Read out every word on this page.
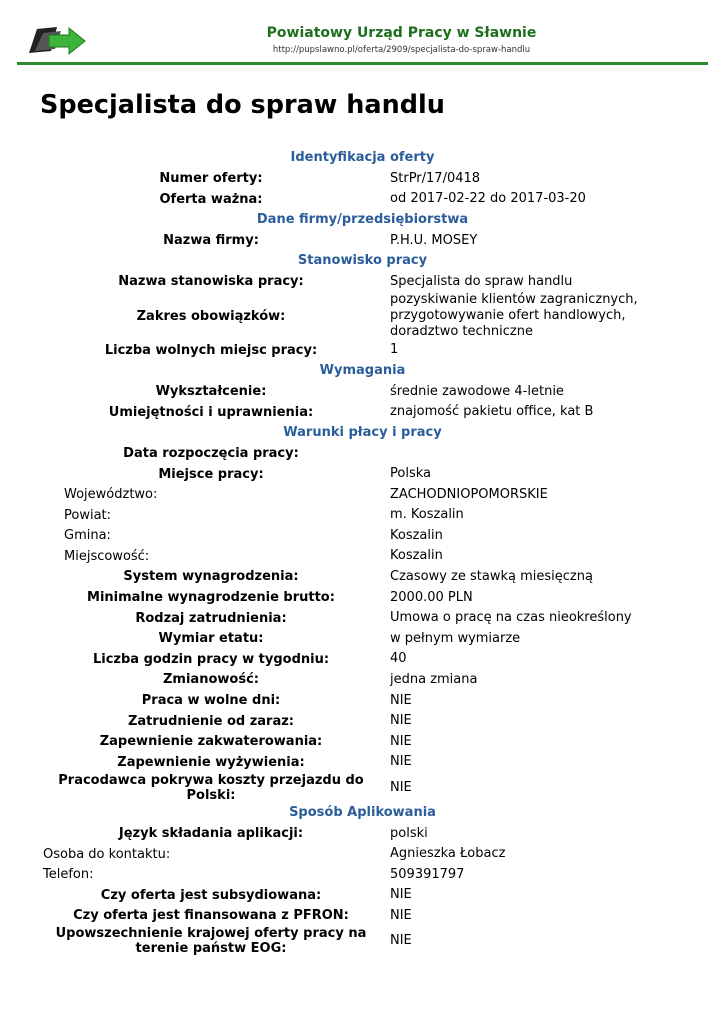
Powiatowy Urząd Pracy w Sławnie
http://pupslawno.pl/oferta/2909/specjalista-do-spraw-handlu
Specjalista do spraw handlu
Identyfikacja oferty
Numer oferty:	StrPr/17/0418
Oferta ważna:	od 2017-02-22 do 2017-03-20
Dane firmy/przedsiębiorstwa
Nazwa firmy:	P.H.U. MOSEY
Stanowisko pracy
Nazwa stanowiska pracy:	Specjalista do spraw handlu
Zakres obowiązków:
pozyskiwanie klientów zagranicznych, przygotowywanie ofert handlowych, doradztwo techniczne
Liczba wolnych miejsc pracy:	1
Wymagania
Wykształcenie:	średnie zawodowe 4-letnie
Umiejętności i uprawnienia:	znajomość pakietu office, kat B
Warunki płacy i pracy
Data rozpoczęcia pracy:
Miejsce pracy:	Polska
Województwo:	ZACHODNIOPOMORSKIE
Powiat:	m. Koszalin
Gmina:	Koszalin
Miejscowość:	Koszalin
System wynagrodzenia:	Czasowy ze stawką miesięczną
Minimalne wynagrodzenie brutto:	2000.00 PLN
Rodzaj zatrudnienia:	Umowa o pracę na czas nieokreślony
Wymiar etatu:	w pełnym wymiarze
Liczba godzin pracy w tygodniu:	40
Zmianowość:	jedna zmiana
Praca w wolne dni:	NIE
Zatrudnienie od zaraz:	NIE
Zapewnienie zakwaterowania:	NIE
Zapewnienie wyżywienia:	NIE
Pracodawca pokrywa koszty przejazdu do Polski:
NIE
Sposób Aplikowania
Język składania aplikacji:	polski
Osoba do kontaktu:	Agnieszka Łobacz
Telefon:	509391797
Czy oferta jest subsydiowana:	NIE
Czy oferta jest finansowana z PFRON:	NIE
Upowszechnienie krajowej oferty pracy na terenie państw EOG:
NIE
